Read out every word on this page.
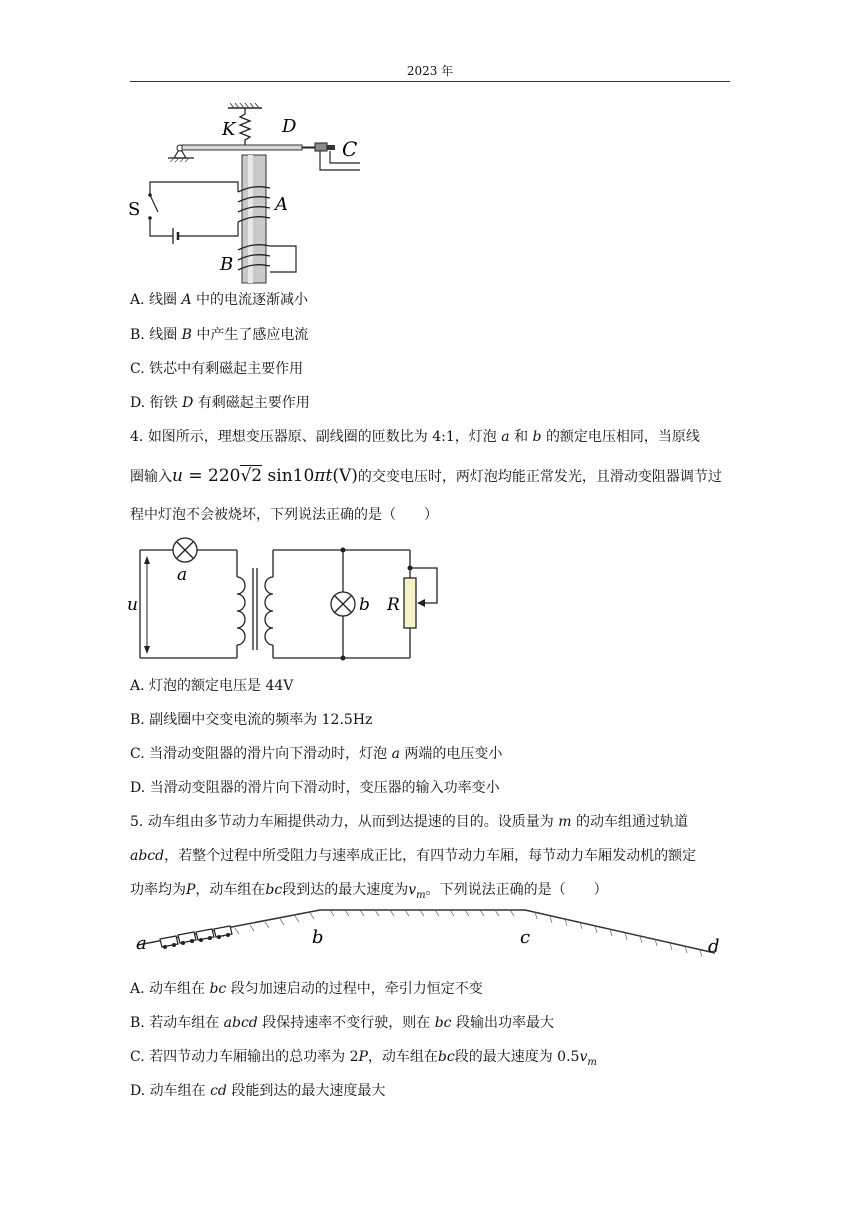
2023 年
K	D
C
A
S
B
A. 线圈 A 中的电流逐渐减小
B. 线圈 B 中产生了感应电流
C. 铁芯中有剩磁起主要作用
D. 衔铁 D 有剩磁起主要作用
4. 如图所示，理想变压器原、副线圈的匝数比为 4:1，灯泡 a 和 b 的额定电压相同，当原线
圈输入u = 220√2 sin10πt(V)的交变电压时，两灯泡均能正常发光，且滑动变阻器调节过
程中灯泡不会被烧坏，下列说法正确的是（　　）
a
u	b R
A. 灯泡的额定电压是 44V
B. 副线圈中交变电流的频率为 12.5Hz
C. 当滑动变阻器的滑片向下滑动时，灯泡 a 两端的电压变小
D. 当滑动变阻器的滑片向下滑动时，变压器的输入功率变小
5. 动车组由多节动力车厢提供动力，从而到达提速的目的。设质量为 m 的动车组通过轨道
abcd，若整个过程中所受阻力与速率成正比，有四节动力车厢，每节动力车厢发动机的额定
功率均为P，动车组在bc段到达的最大速度为$v_m$。下列说法正确的是（　　）
a	b	c	d
A. 动车组在 bc 段匀加速启动的过程中，牵引力恒定不变
B. 若动车组在 abcd 段保持速率不变行驶，则在 bc 段输出功率最大
C. 若四节动力车厢输出的总功率为 2P，动车组在bc段的最大速度为 $0.5v_m$
D. 动车组在 cd 段能到达的最大速度最大
